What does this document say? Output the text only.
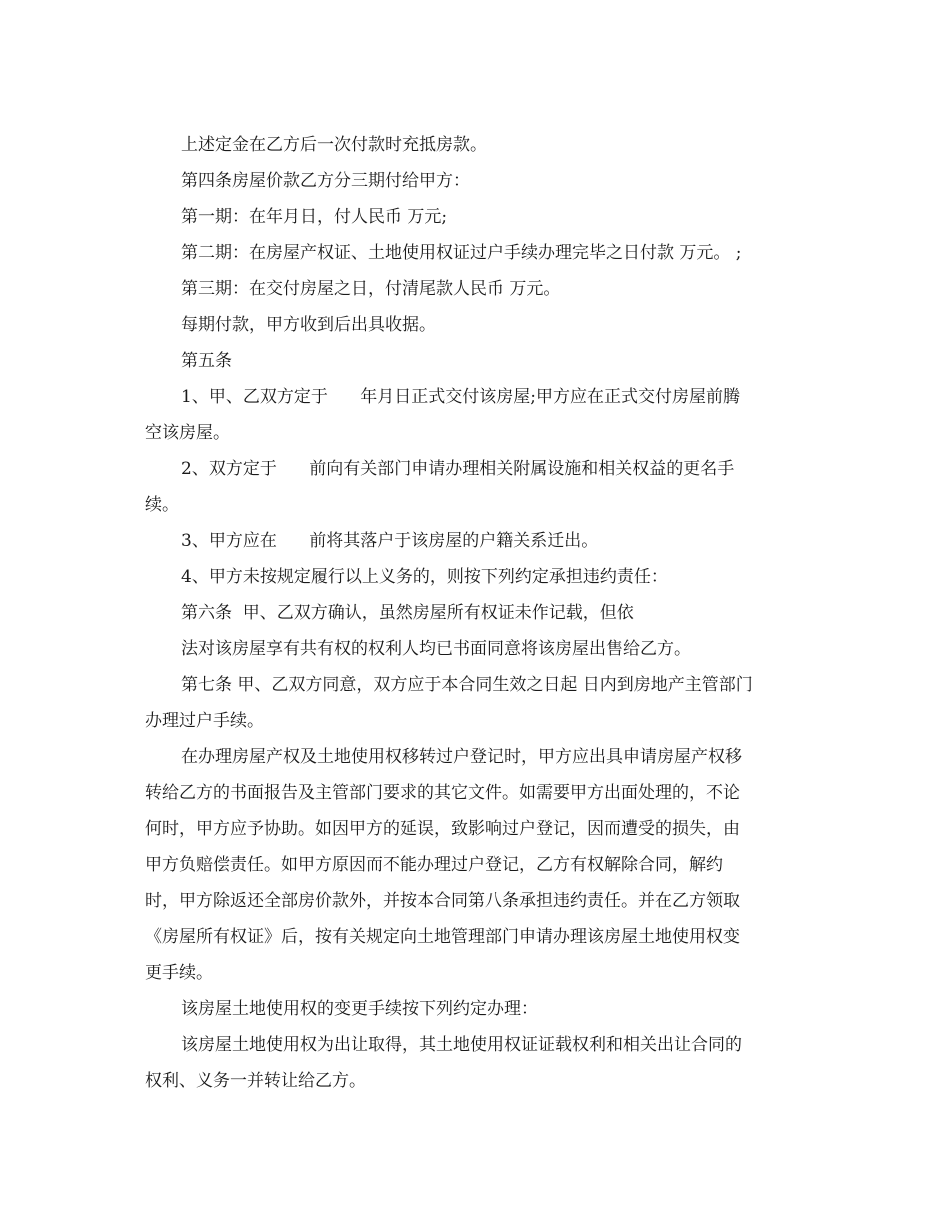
上述定金在乙方后一次付款时充抵房款。
第四条房屋价款乙方分三期付给甲方：
第一期：在年月日，付人民币 万元;
第二期：在房屋产权证、土地使用权证过户手续办理完毕之日付款 万元。 ;
第三期：在交付房屋之日，付清尾款人民币 万元。
每期付款，甲方收到后出具收据。
第五条
1、甲、乙双方定于      年月日正式交付该房屋;甲方应在正式交付房屋前腾
空该房屋。
2、双方定于      前向有关部门申请办理相关附属设施和相关权益的更名手
续。
3、甲方应在      前将其落户于该房屋的户籍关系迁出。
4、甲方未按规定履行以上义务的，则按下列约定承担违约责任：
第六条  甲、乙双方确认，虽然房屋所有权证未作记载，但依
法对该房屋享有共有权的权利人均已书面同意将该房屋出售给乙方。
第七条 甲、乙双方同意，双方应于本合同生效之日起 日内到房地产主管部门
办理过户手续。
在办理房屋产权及土地使用权移转过户登记时，甲方应出具申请房屋产权移
转给乙方的书面报告及主管部门要求的其它文件。如需要甲方出面处理的，不论
何时，甲方应予协助。如因甲方的延误，致影响过户登记，因而遭受的损失，由
甲方负赔偿责任。如甲方原因而不能办理过户登记，乙方有权解除合同，解约
时，甲方除返还全部房价款外，并按本合同第八条承担违约责任。并在乙方领取
《房屋所有权证》后，按有关规定向土地管理部门申请办理该房屋土地使用权变
更手续。
该房屋土地使用权的变更手续按下列约定办理：
该房屋土地使用权为出让取得，其土地使用权证证载权利和相关出让合同的
权利、义务一并转让给乙方。
